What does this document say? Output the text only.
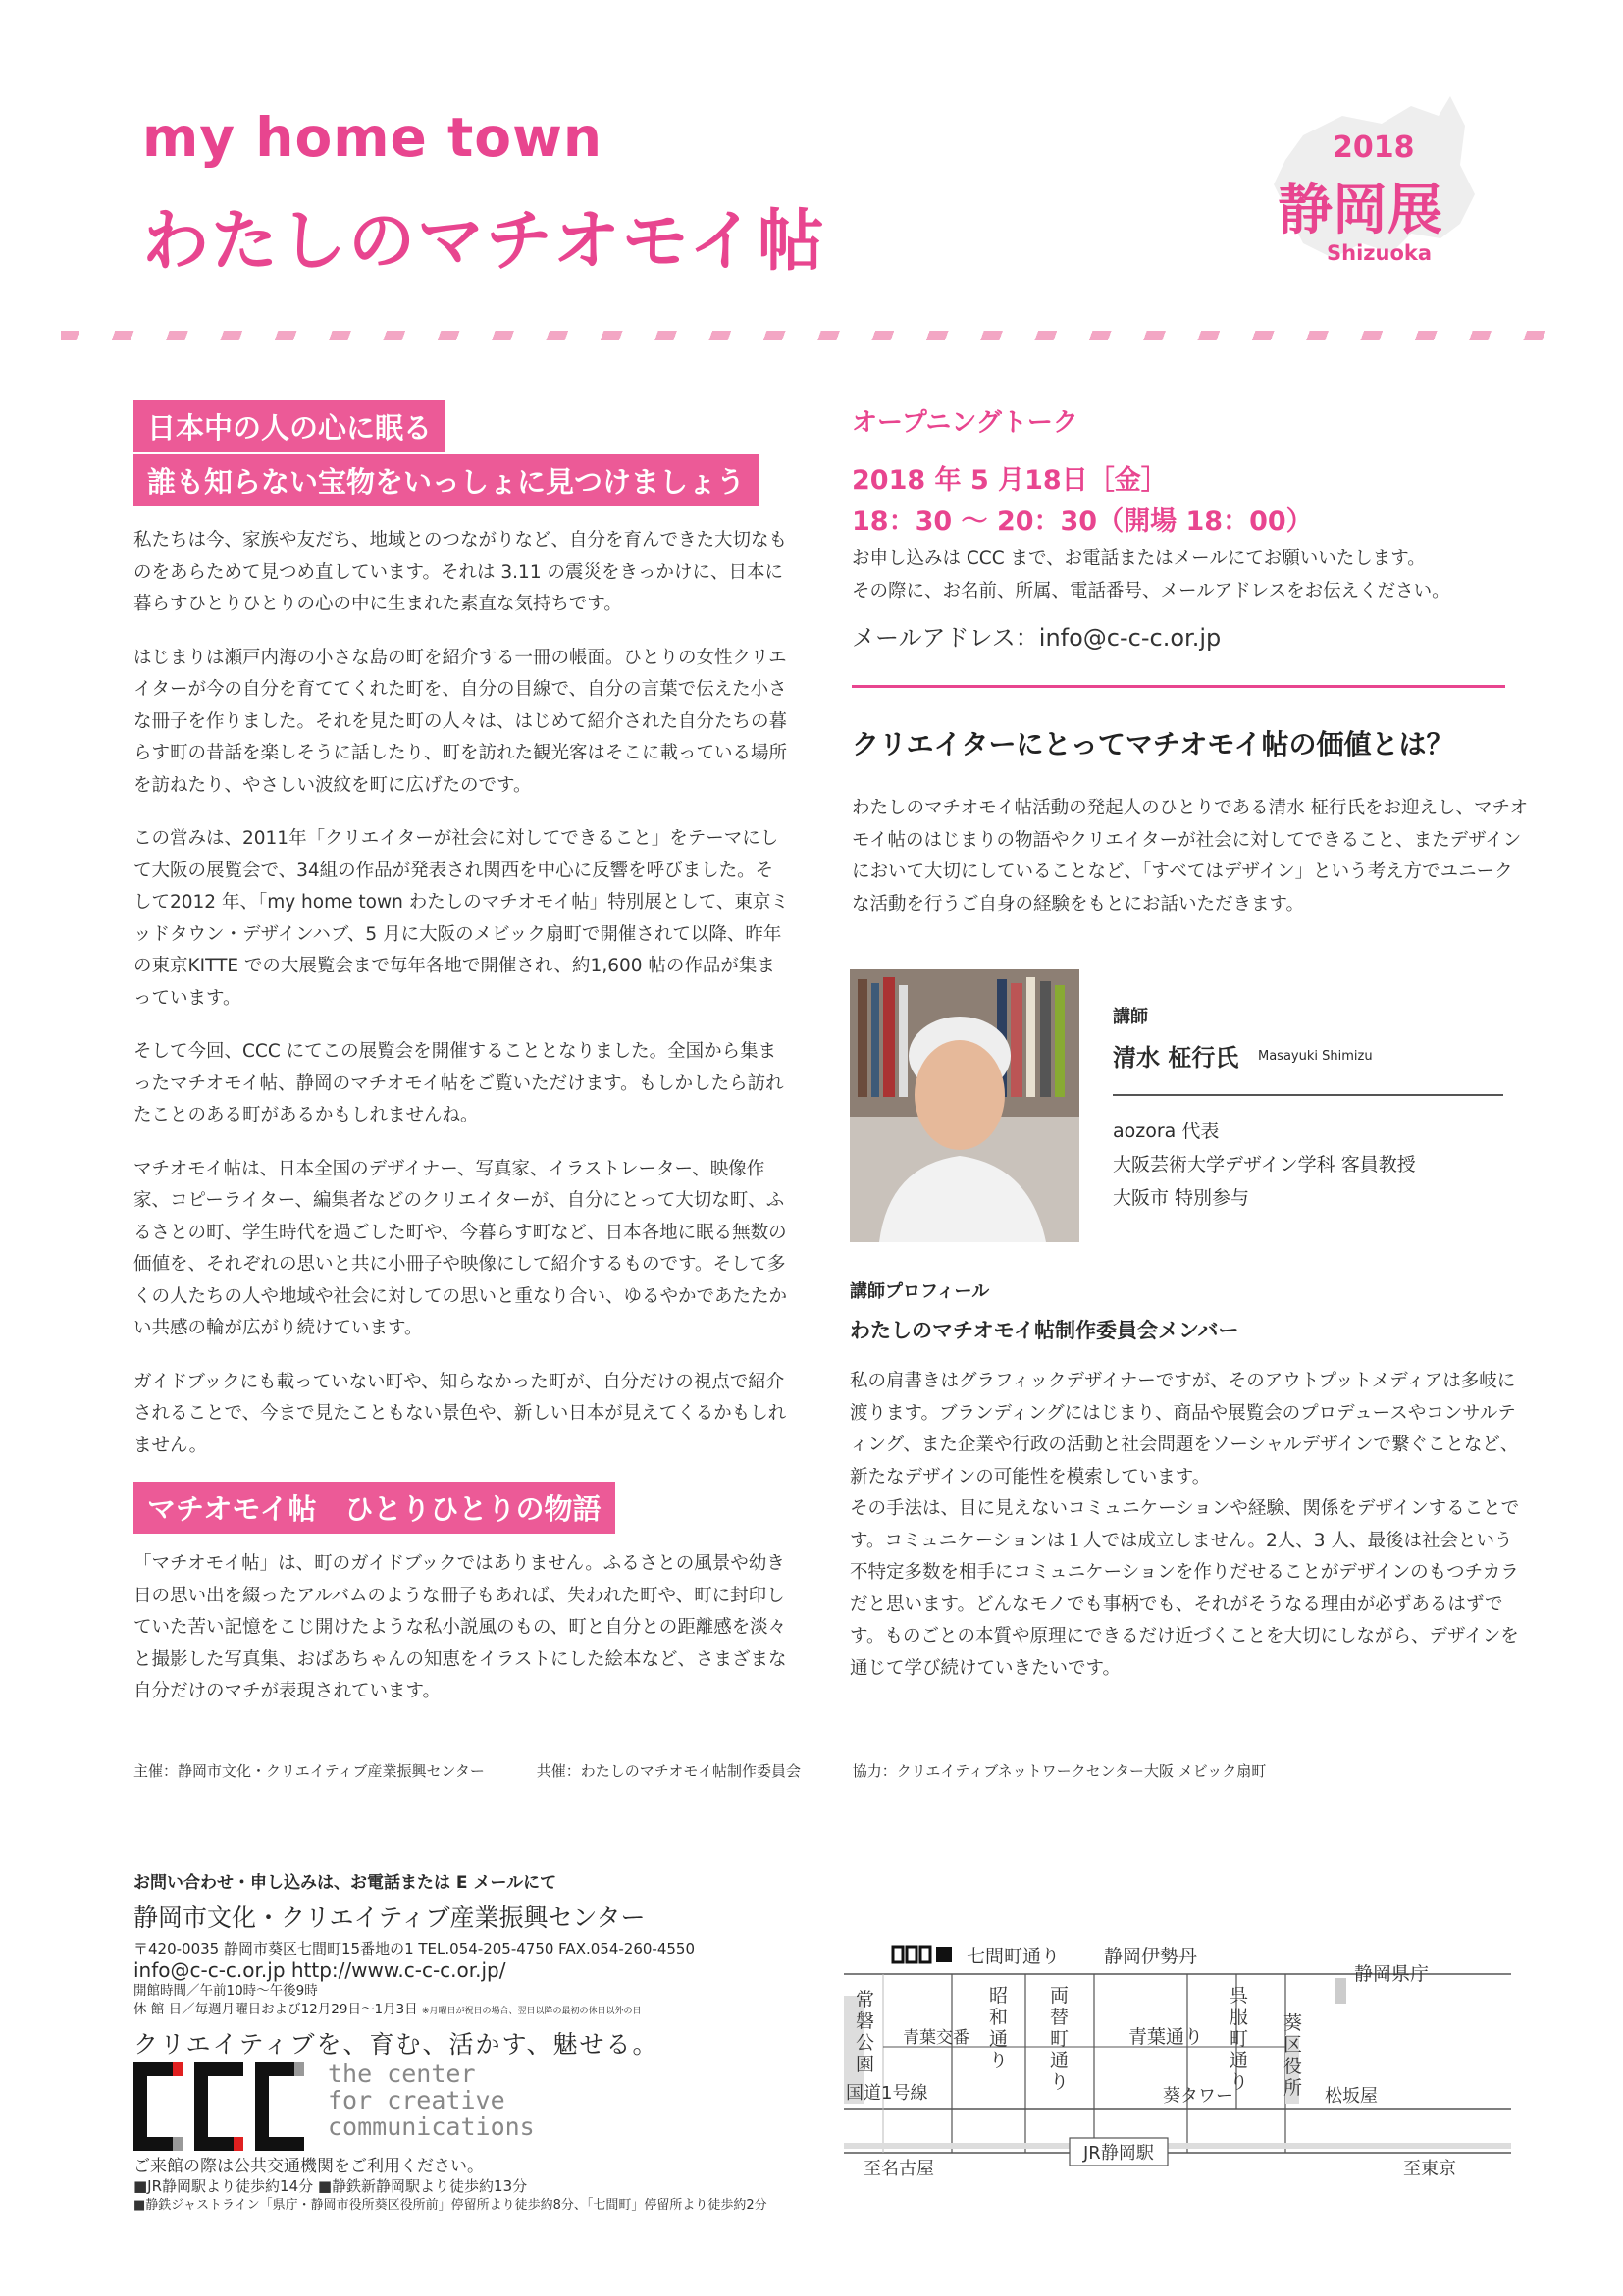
my home town
わたしのマチオモイ帖
2018
静岡展
Shizuoka
日本中の人の心に眠る
誰も知らない宝物をいっしょに見つけましょう

私たちは今、家族や友だち、地域とのつながりなど、自分を育んできた大切なものをあらためて見つめ直しています。それは 3.11 の震災をきっかけに、日本に暮らすひとりひとりの心の中に生まれた素直な気持ちです。

はじまりは瀬戸内海の小さな島の町を紹介する一冊の帳面。ひとりの女性クリエイターが今の自分を育ててくれた町を、自分の目線で、自分の言葉で伝えた小さな冊子を作りました。それを見た町の人々は、はじめて紹介された自分たちの暮らす町の昔話を楽しそうに話したり、町を訪れた観光客はそこに載っている場所を訪ねたり、やさしい波紋を町に広げたのです。

この営みは、2011年「クリエイターが社会に対してできること」をテーマにして大阪の展覧会で、34組の作品が発表され関西を中心に反響を呼びました。そして2012 年、「my home town わたしのマチオモイ帖」特別展として、東京ミッドタウン・デザインハブ、5 月に大阪のメビック扇町で開催されて以降、昨年の東京KITTE での大展覧会まで毎年各地で開催され、約1,600 帖の作品が集まっています。

そして今回、CCC にてこの展覧会を開催することとなりました。全国から集まったマチオモイ帖、静岡のマチオモイ帖をご覧いただけます。もしかしたら訪れたことのある町があるかもしれませんね。

マチオモイ帖は、日本全国のデザイナー、写真家、イラストレーター、映像作家、コピーライター、編集者などのクリエイターが、自分にとって大切な町、ふるさとの町、学生時代を過ごした町や、今暮らす町など、日本各地に眠る無数の価値を、それぞれの思いと共に小冊子や映像にして紹介するものです。そして多くの人たちの人や地域や社会に対しての思いと重なり合い、ゆるやかであたたかい共感の輪が広がり続けています。

ガイドブックにも載っていない町や、知らなかった町が、自分だけの視点で紹介されることで、今まで見たこともない景色や、新しい日本が見えてくるかもしれません。

マチオモイ帖　ひとりひとりの物語
「マチオモイ帖」は、町のガイドブックではありません。ふるさとの風景や幼き日の思い出を綴ったアルバムのような冊子もあれば、失われた町や、町に封印していた苦い記憶をこじ開けたような私小説風のもの、町と自分との距離感を淡々と撮影した写真集、おばあちゃんの知恵をイラストにした絵本など、さまざまな自分だけのマチが表現されています。
オープニングトーク
2018 年 5 月18日［金］
18：30 〜 20：30（開場 18：00）

お申し込みは CCC まで、お電話またはメールにてお願いいたします。

その際に、お名前、所属、電話番号、メールアドレスをお伝えください。

メールアドレス：info@c-c-c.or.jp
クリエイターにとってマチオモイ帖の価値とは？
わたしのマチオモイ帖活動の発起人のひとりである清水 柾行氏をお迎えし、マチオモイ帖のはじまりの物語やクリエイターが社会に対してできること、またデザインにおいて大切にしていることなど、「すべてはデザイン」という考え方でユニークな活動を行うご自身の経験をもとにお話いただきます。
講師
清水 柾行氏 Masayuki Shimizu
aozora 代表
大阪芸術大学デザイン学科 客員教授
大阪市 特別参与
講師プロフィール
わたしのマチオモイ帖制作委員会メンバー

私の肩書きはグラフィックデザイナーですが、そのアウトプットメディアは多岐に渡ります。ブランディングにはじまり、商品や展覧会のプロデュースやコンサルティング、また企業や行政の活動と社会問題をソーシャルデザインで繋ぐことなど、新たなデザインの可能性を模索しています。

その手法は、目に見えないコミュニケーションや経験、関係をデザインすることです。コミュニケーションは１人では成立しません。2人、3 人、最後は社会という不特定多数を相手にコミュニケーションを作りだせることがデザインのもつチカラだと思います。どんなモノでも事柄でも、それがそうなる理由が必ずあるはずです。ものごとの本質や原理にできるだけ近づくことを大切にしながら、デザインを通じて学び続けていきたいです。

主催：静岡市文化・クリエイティブ産業振興センター	共催：わたしのマチオモイ帖制作委員会	協力：クリエイティブネットワークセンター大阪 メビック扇町
お問い合わせ・申し込みは、お電話または E メールにて
静岡市文化・クリエイティブ産業振興センター
〒420-0035 静岡市葵区七間町15番地の1 TEL.054-205-4750 FAX.054-260-4550
info@c-c-c.or.jp http://www.c-c-c.or.jp/
開館時間／午前10時〜午後9時
休 館 日／毎週月曜日および12月29日〜1月3日 ※月曜日が祝日の場合、翌日以降の最初の休日以外の日
クリエイティブを、育む、活かす、魅せる。
the center
for creative
communications
ご来館の際は公共交通機関をご利用ください。
■JR静岡駅より徒歩約14分 ■静鉄新静岡駅より徒歩約13分
■静鉄ジャストライン「県庁・静岡市役所葵区役所前」停留所より徒歩約8分、「七間町」停留所より徒歩約2分
七間町通り 静岡伊勢丹
静岡県庁
常磐公園
青葉交番
昭和通り
両替町通り
青葉通り
呉服町通り
葵区役所
国道1号線	葵タワー	松坂屋
至名古屋
JR静岡駅
至東京
